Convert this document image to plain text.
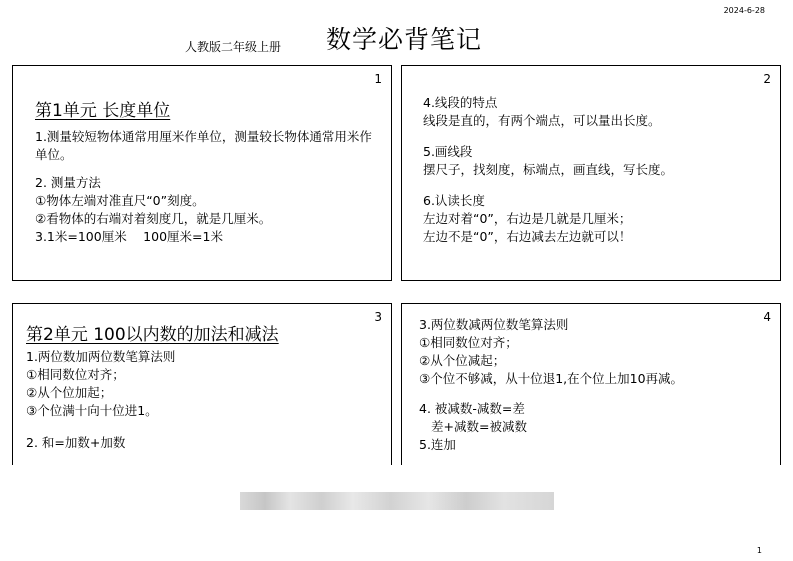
2024-6-28
人教版二年级上册 数学必背笔记
1
第1单元 长度单位
1.测量较短物体通常用厘米作单位，测量较长物体通常用米作单位。
2. 测量方法
①物体左端对准直尺“0”刻度。
②看物体的右端对着刻度几，就是几厘米。
3.1米=100厘米　 100厘米=1米
2
4.线段的特点
线段是直的，有两个端点，可以量出长度。
5.画线段
摆尺子，找刻度，标端点，画直线，写长度。
6.认读长度
左边对着“0”，右边是几就是几厘米；
左边不是“0”，右边减去左边就可以！
3
第2单元 100以内数的加法和减法
1.两位数加两位数笔算法则
①相同数位对齐；
②从个位加起；
③个位满十向十位进1。
2. 和=加数+加数
4
3.两位数减两位数笔算法则
①相同数位对齐；
②从个位减起；
③个位不够减，从十位退1,在个位上加10再减。
4. 被减数-减数=差
差+减数=被减数
5.连加
1
